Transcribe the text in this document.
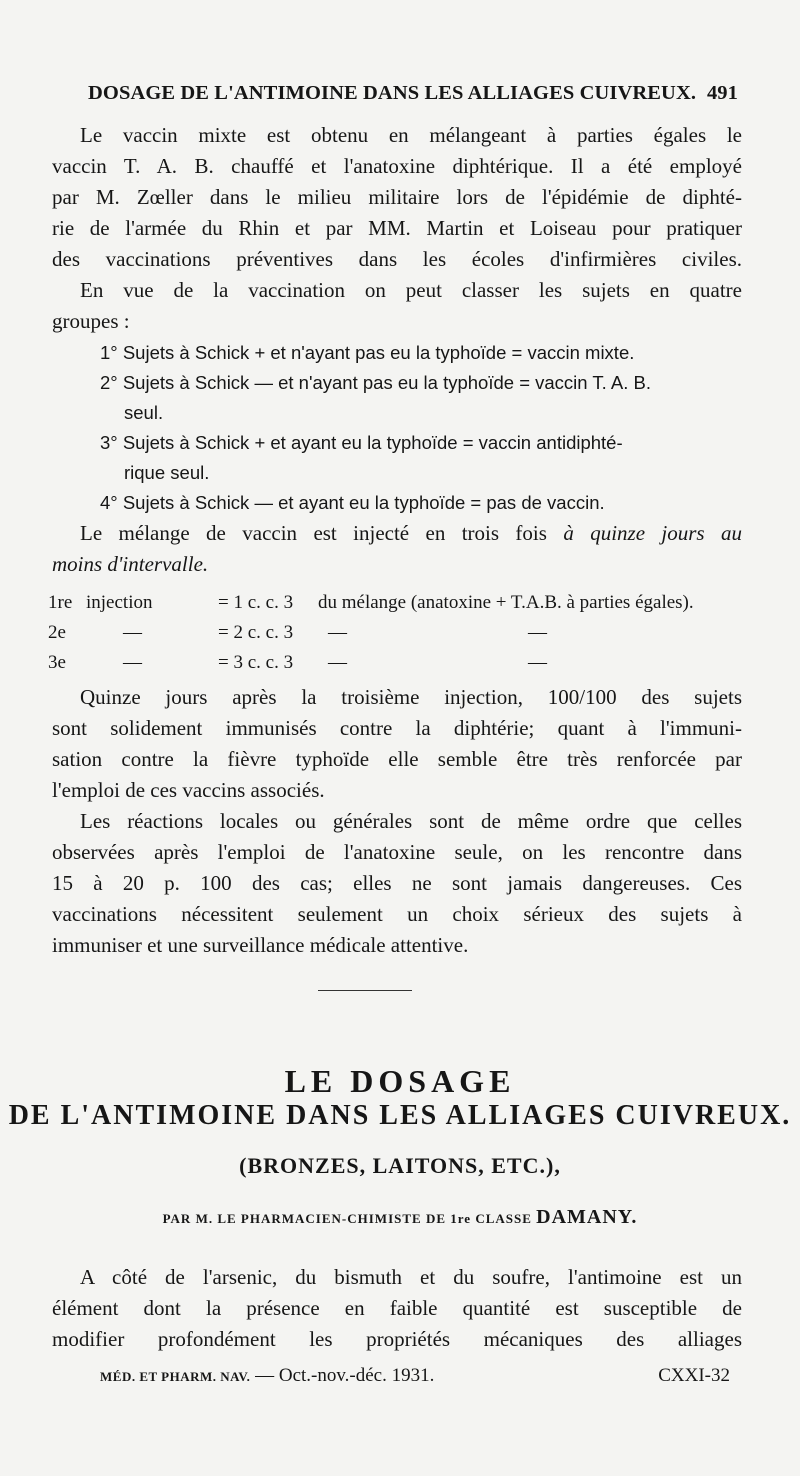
DOSAGE DE L'ANTIMOINE DANS LES ALLIAGES CUIVREUX. 491
Le vaccin mixte est obtenu en mélangeant à parties égales le
vaccin T. A. B. chauffé et l'anatoxine diphtérique. Il a été employé
par M. Zœller dans le milieu militaire lors de l'épidémie de diphté-
rie de l'armée du Rhin et par MM. Martin et Loiseau pour pratiquer
des vaccinations préventives dans les écoles d'infirmières civiles.
En vue de la vaccination on peut classer les sujets en quatre
groupes :
1° Sujets à Schick + et n'ayant pas eu la typhoïde = vaccin mixte.
2° Sujets à Schick — et n'ayant pas eu la typhoïde = vaccin T. A. B.
seul.
3° Sujets à Schick + et ayant eu la typhoïde = vaccin antidiphté-
rique seul.
4° Sujets à Schick — et ayant eu la typhoïde = pas de vaccin.
Le mélange de vaccin est injecté en trois fois à quinze jours au
moins d'intervalle.
1re injection	= 1 c. c. 3 du mélange (anatoxine + T.A.B. à parties égales).
2e	—	= 2 c. c. 3 —	—
3e	—	= 3 c. c. 3 —	—
Quinze jours après la troisième injection, 100/100 des sujets
sont solidement immunisés contre la diphtérie; quant à l'immuni-
sation contre la fièvre typhoïde elle semble être très renforcée par
l'emploi de ces vaccins associés.
Les réactions locales ou générales sont de même ordre que celles
observées après l'emploi de l'anatoxine seule, on les rencontre dans
15 à 20 p. 100 des cas; elles ne sont jamais dangereuses. Ces
vaccinations nécessitent seulement un choix sérieux des sujets à
immuniser et une surveillance médicale attentive.
LE DOSAGE
DE L'ANTIMOINE DANS LES ALLIAGES CUIVREUX.
(BRONZES, LAITONS, ETC.),
PAR M. LE PHARMACIEN-CHIMISTE DE 1re CLASSE DAMANY.
A côté de l'arsenic, du bismuth et du soufre, l'antimoine est un
élément dont la présence en faible quantité est susceptible de
modifier profondément les propriétés mécaniques des alliages
MÉD. ET PHARM. NAV. — Oct.-nov.-déc. 1931.	CXXI-32
